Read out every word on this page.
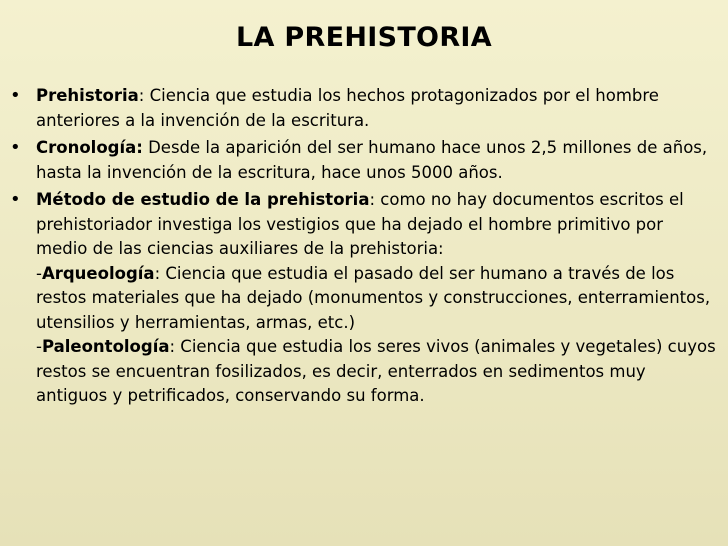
LA PREHISTORIA
• Prehistoria: Ciencia que estudia los hechos protagonizados por el hombre anteriores a la invención de la escritura.
• Cronología: Desde la aparición del ser humano hace unos 2,5 millones de años, hasta la invención de la escritura, hace unos 5000 años.
• Método de estudio de la prehistoria: como no hay documentos escritos el prehistoriador investiga los vestigios que ha dejado el hombre primitivo por medio de las ciencias auxiliares de la prehistoria:
-Arqueología: Ciencia que estudia el pasado del ser humano a través de los restos materiales que ha dejado (monumentos y construcciones, enterramientos, utensilios y herramientas, armas, etc.)
-Paleontología: Ciencia que estudia los seres vivos (animales y vegetales) cuyos restos se encuentran fosilizados, es decir, enterrados en sedimentos muy antiguos y petrificados, conservando su forma.
